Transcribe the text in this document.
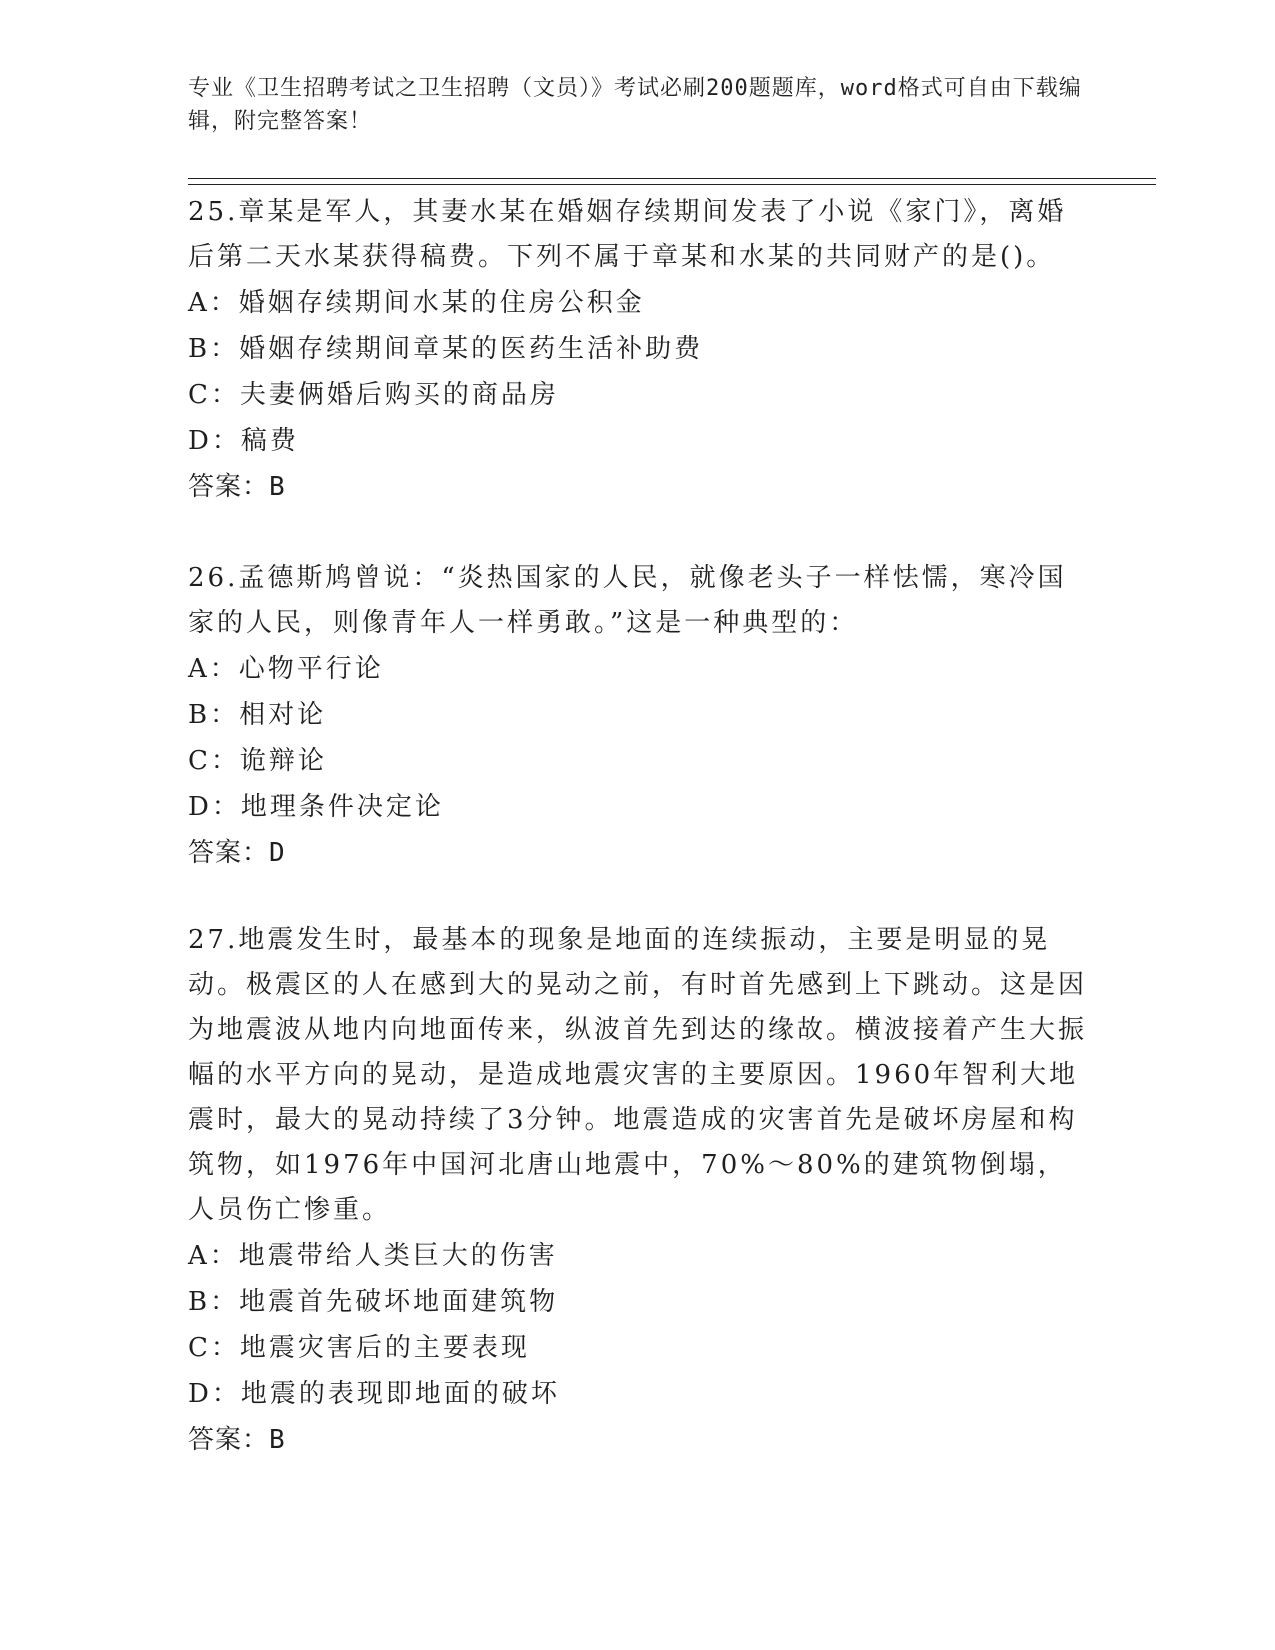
专业《卫生招聘考试之卫生招聘（文员）》考试必刷200题题库，word格式可自由下载编辑，附完整答案！

25.章某是军人，其妻水某在婚姻存续期间发表了小说《家门》，离婚后第二天水某获得稿费。下列不属于章某和水某的共同财产的是()。

A：婚姻存续期间水某的住房公积金
B：婚姻存续期间章某的医药生活补助费
C：夫妻俩婚后购买的商品房
D：稿费
答案：B

26.孟德斯鸠曾说：“炎热国家的人民，就像老头子一样怯懦，寒冷国家的人民，则像青年人一样勇敢。”这是一种典型的：

A：心物平行论
B：相对论
C：诡辩论
D：地理条件决定论
答案：D

27.地震发生时，最基本的现象是地面的连续振动，主要是明显的晃动。极震区的人在感到大的晃动之前，有时首先感到上下跳动。这是因为地震波从地内向地面传来，纵波首先到达的缘故。横波接着产生大振幅的水平方向的晃动，是造成地震灾害的主要原因。1960年智利大地震时，最大的晃动持续了3分钟。地震造成的灾害首先是破坏房屋和构筑物，如1976年中国河北唐山地震中，70%～80%的建筑物倒塌，人员伤亡惨重。

A：地震带给人类巨大的伤害
B：地震首先破坏地面建筑物
C：地震灾害后的主要表现
D：地震的表现即地面的破坏
答案：B
